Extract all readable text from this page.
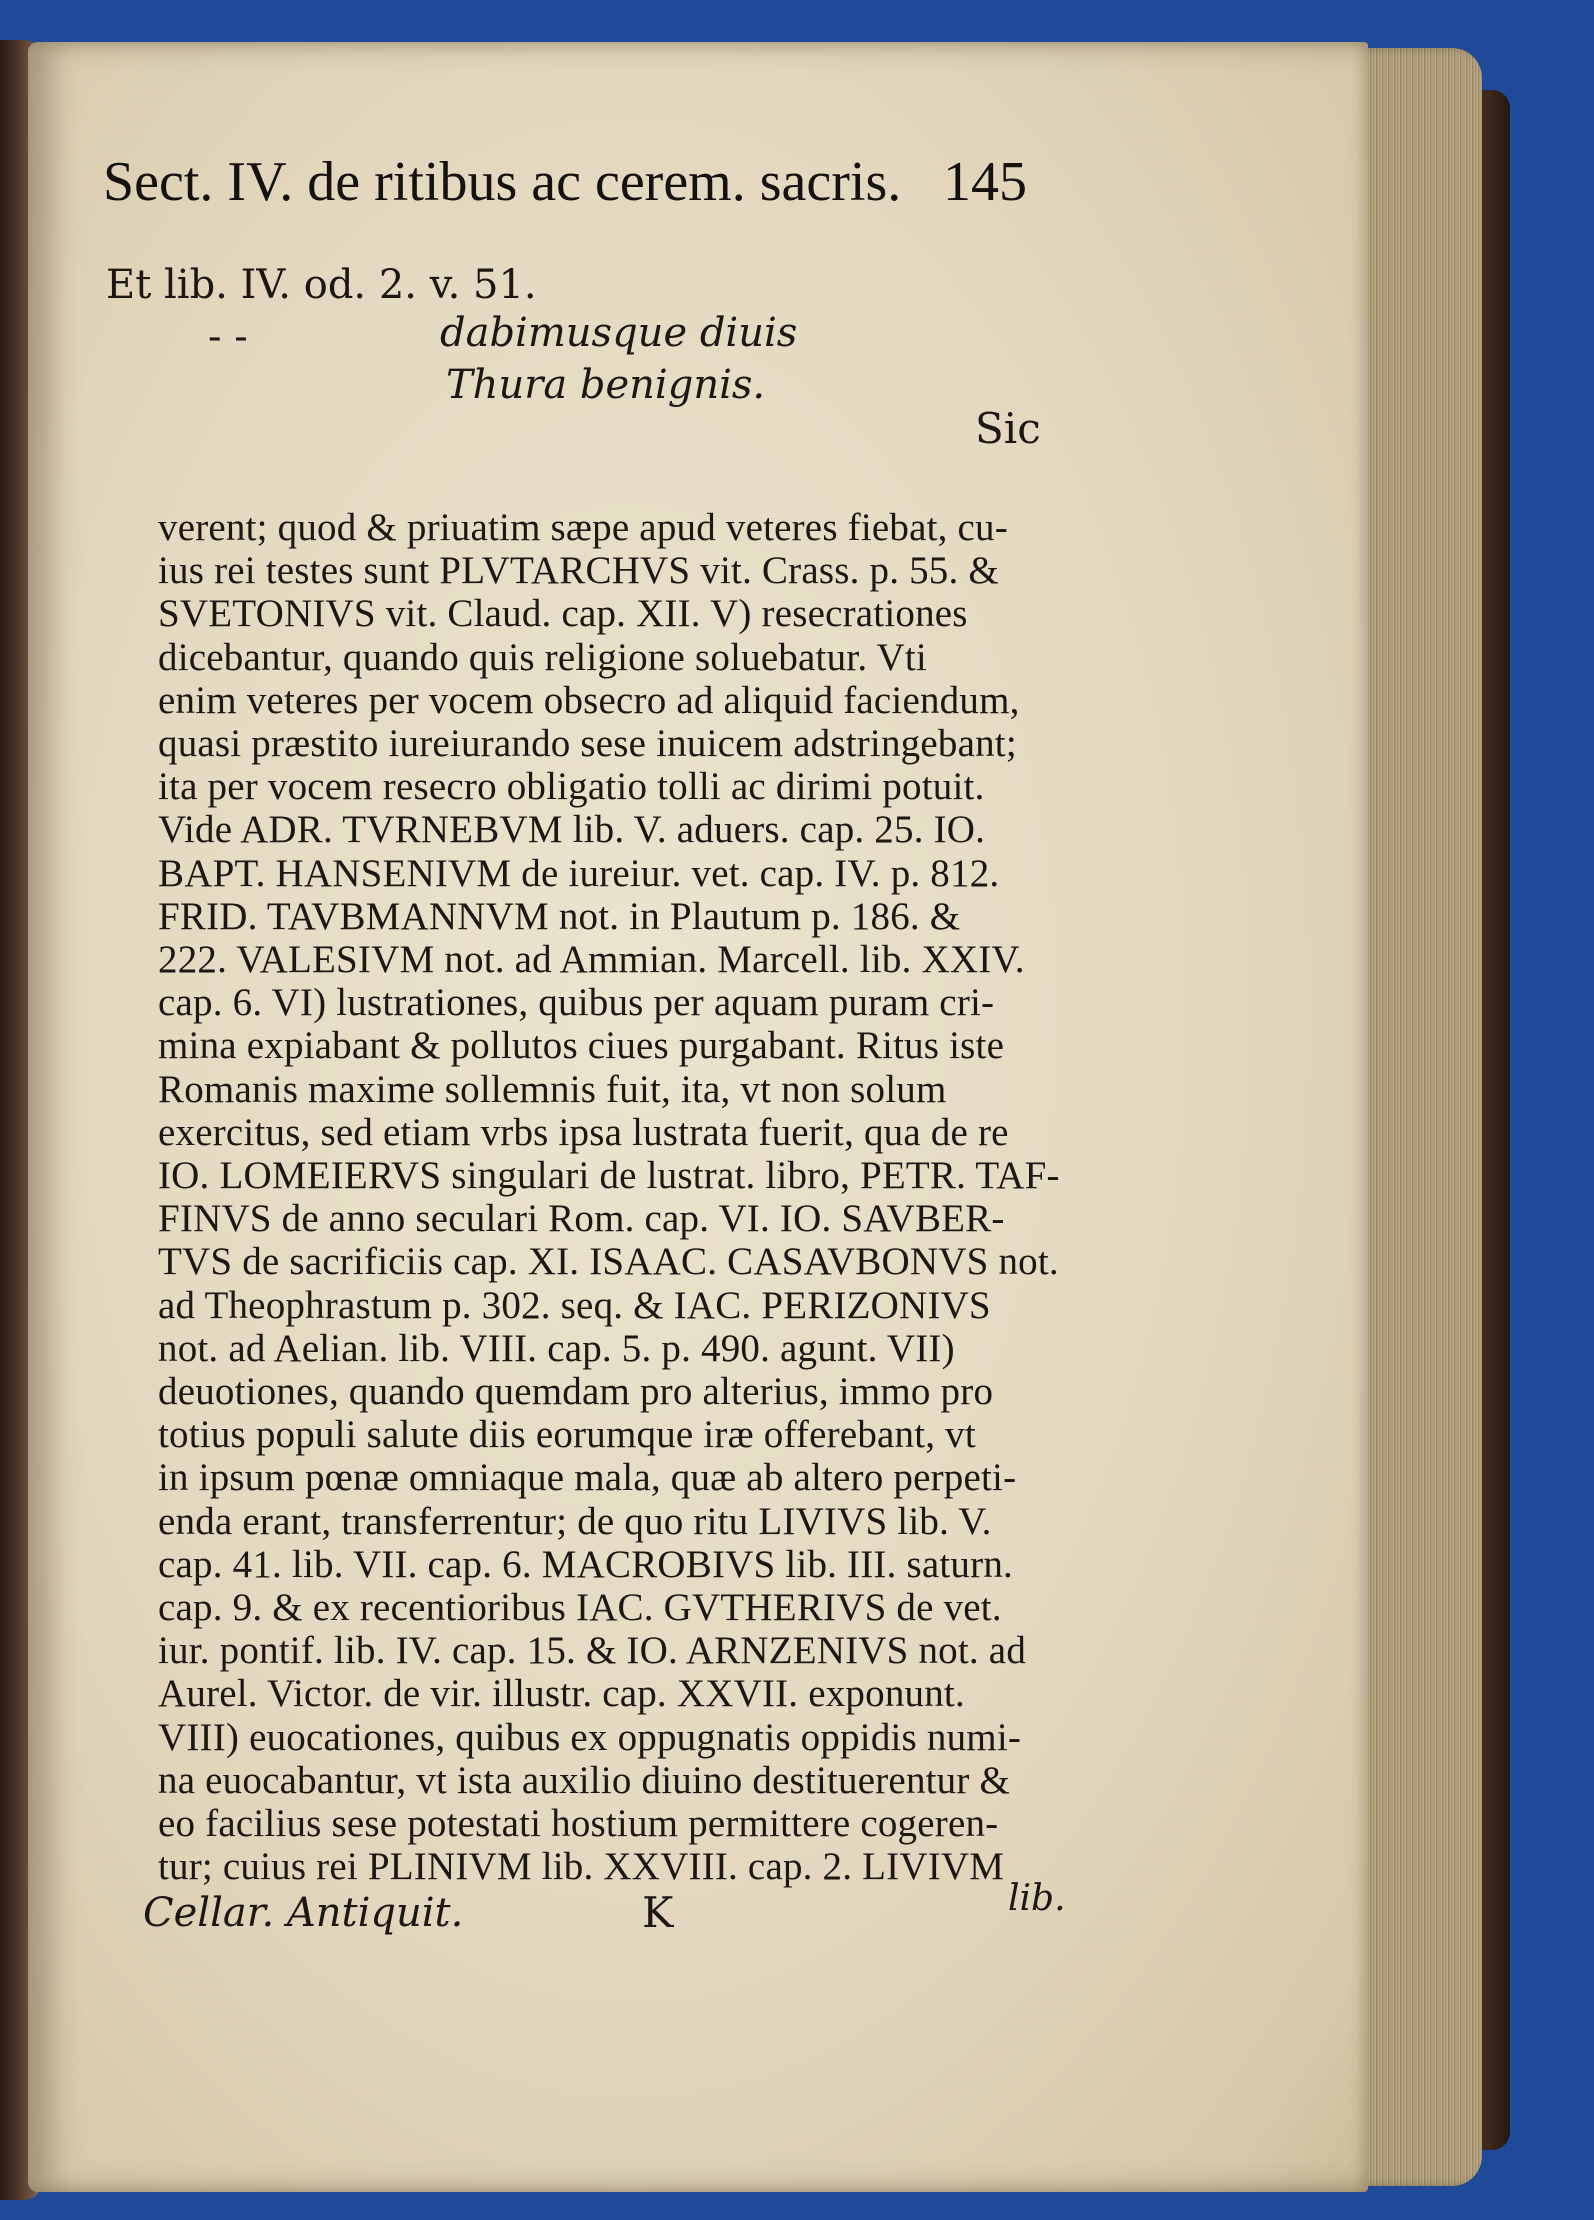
Sect. IV. de ritibus ac cerem. sacris. 145
Et lib. IV. od. 2. v. 51.
- -	dabimusque diuis
Thura benignis.
Sic
verent; quod & priuatim sæpe apud veteres fiebat, cu-
ius rei testes sunt PLVTARCHVS vit. Crass. p. 55. &
SVETONIVS vit. Claud. cap. XII. V) resecrationes
dicebantur, quando quis religione soluebatur. Vti
enim veteres per vocem obsecro ad aliquid faciendum,
quasi præstito iureiurando sese inuicem adstringebant;
ita per vocem resecro obligatio tolli ac dirimi potuit.
Vide ADR. TVRNEBVM lib. V. aduers. cap. 25. IO.
BAPT. HANSENIVM de iureiur. vet. cap. IV. p. 812.
FRID. TAVBMANNVM not. in Plautum p. 186. &
222. VALESIVM not. ad Ammian. Marcell. lib. XXIV.
cap. 6. VI) lustrationes, quibus per aquam puram cri-
mina expiabant & pollutos ciues purgabant. Ritus iste
Romanis maxime sollemnis fuit, ita, vt non solum
exercitus, sed etiam vrbs ipsa lustrata fuerit, qua de re
IO. LOMEIERVS singulari de lustrat. libro, PETR. TAF-
FINVS de anno seculari Rom. cap. VI. IO. SAVBER-
TVS de sacrificiis cap. XI. ISAAC. CASAVBONVS not.
ad Theophrastum p. 302. seq. & IAC. PERIZONIVS
not. ad Aelian. lib. VIII. cap. 5. p. 490. agunt. VII)
deuotiones, quando quemdam pro alterius, immo pro
totius populi salute diis eorumque iræ offerebant, vt
in ipsum pœnæ omniaque mala, quæ ab altero perpeti-
enda erant, transferrentur; de quo ritu LIVIVS lib. V.
cap. 41. lib. VII. cap. 6. MACROBIVS lib. III. saturn.
cap. 9. & ex recentioribus IAC. GVTHERIVS de vet.
iur. pontif. lib. IV. cap. 15. & IO. ARNZENIVS not. ad
Aurel. Victor. de vir. illustr. cap. XXVII. exponunt.
VIII) euocationes, quibus ex oppugnatis oppidis numi-
na euocabantur, vt ista auxilio diuino destituerentur &
eo facilius sese potestati hostium permittere cogeren-
tur; cuius rei PLINIVM lib. XXVIII. cap. 2. LIVIVM
Cellar. Antiquit.	K	lib.
